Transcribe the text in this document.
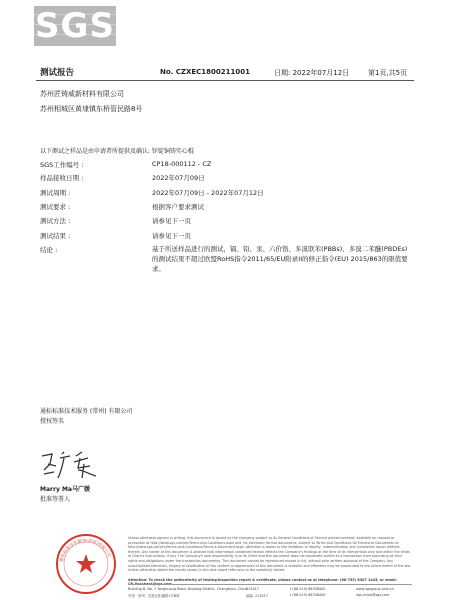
SGS
测试报告	No. CZXEC1800211001	日期: 2022年07月12日	第1页,共5页
苏州匠铸威新材料有限公司
苏州相城区黄埭镇东桥管民路8号
以下测试之样品是由申请者所提供及确认: 锌锭铜铸实心棍
SGS工作编号 :	CP18-000112 - CZ
样品接收日期 :	2022年07月09日
测试周期 :	2022年07月09日 - 2022年07月12日
测试要求 :	根据客户要求测试
测试方法 :	请参见下一页
测试结果 :	请参见下一页
结论 :	基于所送样品进行的测试，镉、铅、汞、六价铬、多溴联苯(PBBs)、多溴二苯醚(PBDEs)的测试结果不超过欧盟RoHS指令2011/65/EU附录II的修正指令(EU) 2015/863的限值要求。
通标标准技术服务 (常州) 有限公司
授权签名
Marry Ma马广媛
批准签署人
通标标准技术服务(常州)有限公司
Unless otherwise agreed in writing, this document is issued by the Company subject to its General Conditions of Service printed overleaf, available on request or accessible at http://www.sgs.com/en/Terms-and-Conditions.aspx and, for electronic format documents, subject to Terms and Conditions for Electronic Documents at http://www.sgs.com/en/Terms-and-Conditions/Terms-e-Document.aspx. Attention is drawn to the limitation of liability, indemnification and jurisdiction issues defined therein. Any holder of this document is advised that information contained hereon reflects the Company's findings at the time of its intervention only and within the limits of Client's instructions, if any. The Company's sole responsibility is to its Client and this document does not exonerate parties to a transaction from exercising all their rights and obligations under the transaction documents. This document cannot be reproduced except in full, without prior written approval of the Company. Any unauthorized alteration, forgery or falsification of the content or appearance of this document is unlawful and offenders may be prosecuted to the fullest extent of the law. Unless otherwise stated the results shown in this test report refer only to the sample(s) tested.
Attention: To check the authenticity of testing/inspection report & certificate, please contact us at telephone: (86-755) 8307 1443, or email:
Building B, No. 1 Yanghuang Road, Wujiang District, Changzhou, China
213017	t (86-519) 86338400	www.sgsgroup.com.cn
中国 · 常州 · 武进区阳湖路1号B栋	邮编: 213017	t (86-519) 86338400	sgs.china@sgs.com
